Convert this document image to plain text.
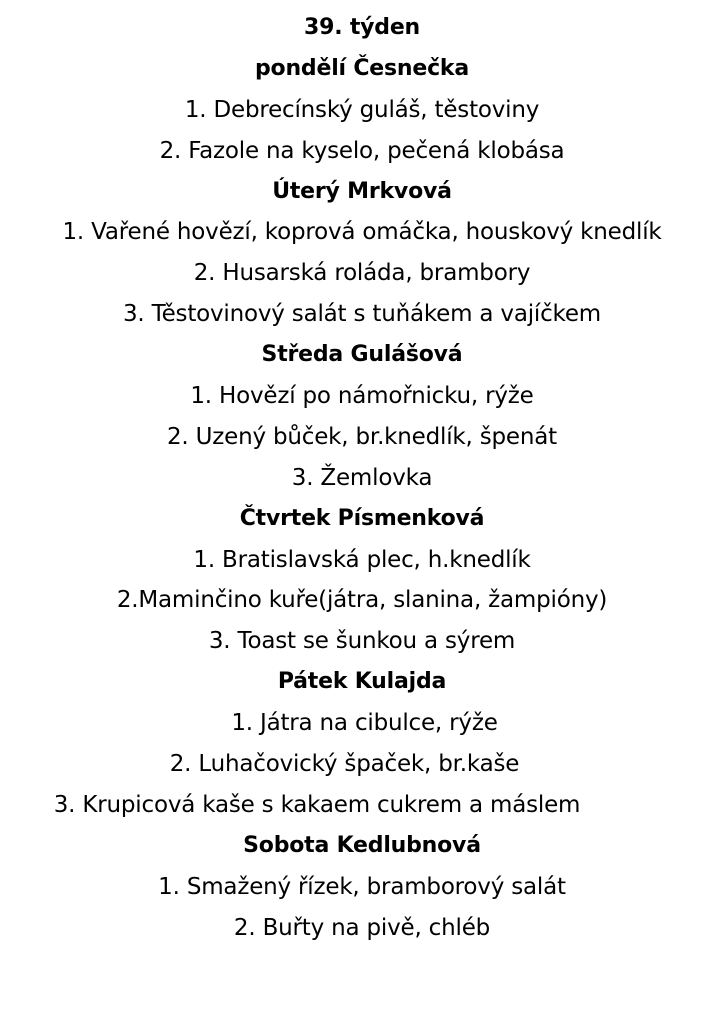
39. týden
pondělí Česnečka
1. Debrecínský guláš, těstoviny
2. Fazole na kyselo, pečená klobása
Úterý Mrkvová
1. Vařené hovězí, koprová omáčka, houskový knedlík
2. Husarská roláda, brambory
3. Těstovinový salát s tuňákem a vajíčkem
Středa Gulášová
1. Hovězí po námořnicku, rýže
2. Uzený bůček, br.knedlík, špenát
3. Žemlovka
Čtvrtek Písmenková
1. Bratislavská plec, h.knedlík
2.Maminčino kuře(játra, slanina, žampióny)
3. Toast se šunkou a sýrem
Pátek Kulajda
1. Játra na cibulce, rýže
2. Luhačovický špaček, br.kaše
3. Krupicová kaše s kakaem cukrem a máslem
Sobota Kedlubnová
1. Smažený řízek, bramborový salát
2. Buřty na pivě, chléb
